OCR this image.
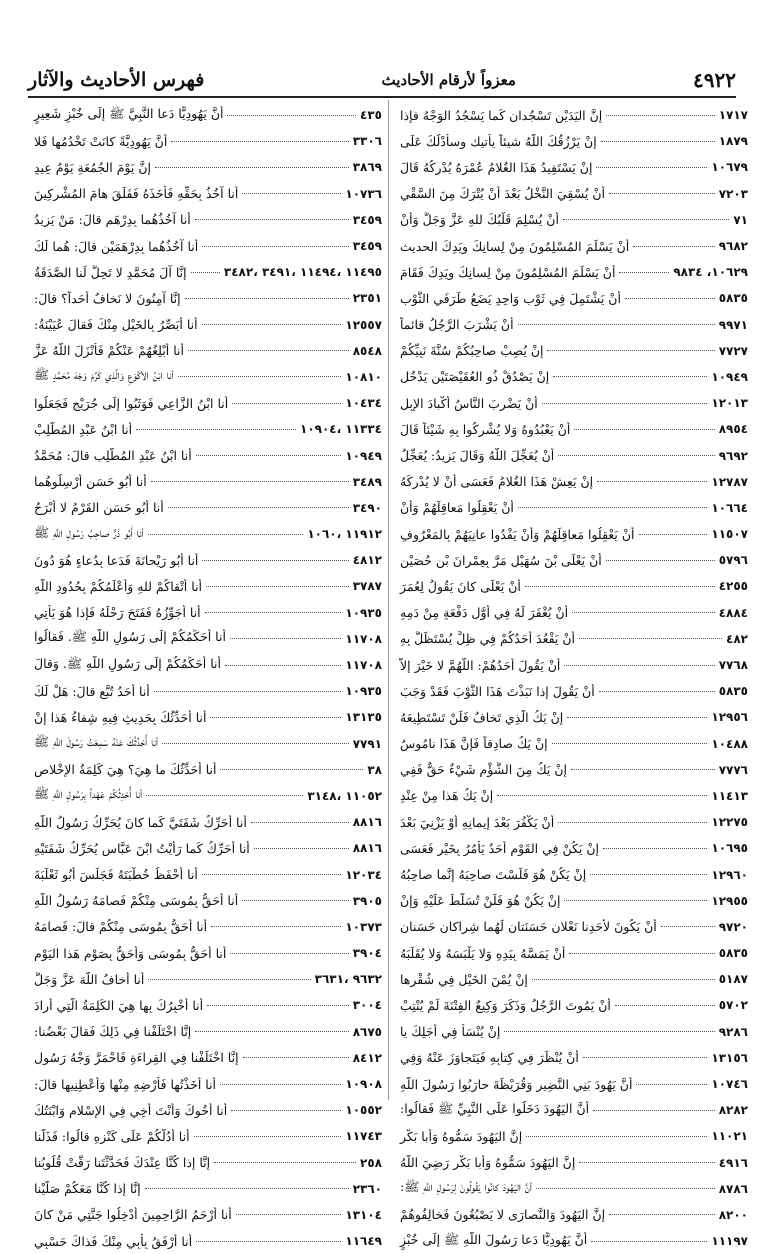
فهرس الأحاديث والآثار	معزواً لأرقام الأحاديث	٤٩٢٢
إنَّ اليَدَيْنِ تَسْجُدانِ كَما يَسْجُدُ الوَجْهُ فإذا	١٧١٧
إنْ يَرْزُقُكَ اللَّهُ شيئاً يأتيك وسأُدْلُكَ عَلَى	١٨٧٩
إنْ يَسْتَفِيدُ هَذَا الغُلامُ عُمْرَهُ يُدْرِكُهُ قَالَ	١٠٦٧٩
أنْ يُسْقِيَ النَّخْلُ بَعْدَ أَنْ يُتْرَكَ مِنَ السَّقْيِ	٧٢٠٣
أنْ يُسْلِمَ قَلْبُكَ للهِ عَزَّ وَجَلَّ وَأَنْ	٧١
أنْ يَسْلَمَ المُسْلِمُونَ مِنْ لِسانِكَ ويَدِكَ الحديث	٩٦٨٢
أنْ يَسْلَمَ المُسْلِمُونَ مِنْ لِسانِكَ ويَدِكَ فَقَامَ	١٠٦٢٩، ٩٨٣٤
أنْ يَشْتَمِلَ فِي ثَوْبٍ وَاحِدٍ يَضَعُ طَرَفَيِ الثَّوْبِ	٥٨٣٥
أنْ يَشْرَبَ الرَّجُلُ قائماً	٩٩٧١
إنْ يُصِبْ صاحِبُكُمْ سُنَّةَ نَبِيِّكُمْ	٧٧٢٧
إنْ يَصْدُقْ ذُو العُقَيْصَتَيْنِ يَدْخُلِ	١٠٩٤٩
أنْ يَضْرِبَ النَّاسُ أكْبادَ الإبِلِ	١٢٠١٣
أنْ يَعْبُدُوهُ وَلا يُشْرِكُوا بِهِ شَيْئاً قَالَ	٨٩٥٤
أنْ يُعَجِّلَ اللَّهُ وَقَالَ يَزِيدُ: يُعَجِّلُ	٩٦٩٢
إنْ يَعِشْ هَذَا الغُلامُ فَعَسَى أنْ لا يُدْرِكَهُ	١٢٧٨٧
أنْ يَعْقِلُوا مَعاقِلَهُمْ وَأَنْ	١٠٦٦٤
أنْ يَعْقِلُوا مَعاقِلَهُمْ وَأنْ يَفْدُوا عانِيَهُمْ بِالمَعْرُوفِ	١١٥٠٧
أنْ يَعْلَى بْنَ سُهَيْلٍ مَرَّ بِعِمْرانَ بْنِ حُصَيْنٍ	٥٧٩٦
أنْ يَعْلَى كانَ يَقُولُ لِعُمَرَ	٤٢٥٥
أنْ يُغْفَرَ لَهُ فِي أَوَّلِ دَفْعَةٍ مِنْ دَمِهِ	٤٨٨٤
أنْ يَقْعُدَ أَحَدُكُمْ فِي ظِلٍّ يُسْتَظَلُّ بِهِ	٤٨٢
أنْ يَقُولَ أَحَدُهُمْ: اللَّهُمَّ لا خَيْرَ إلاَّ	٧٧٦٨
أنْ يَقُولَ إذا نَبَذْتَ هَذَا الثَّوْبَ فَقَدْ وَجَبَ	٥٨٣٥
إنْ يَكُ الَّذِي تَخافُ فَلَنْ تَسْتَطِيعَهُ	١٢٩٥٦
إنْ يَكُ صادِقاً فَإنَّ هَذَا نامُوسٌ	١٠٤٨٨
إنْ يَكُ مِنَ الشُّؤْمِ شَيْءٌ حَقٌّ فَفِي	٧٧٧٦
إنْ يَكُ هَذا مِنْ عِنْدِ	١١٤١٣
أنْ يَكْفُرَ بَعْدَ إيمانِهِ أَوْ يَزْنِيَ بَعْدَ	١٢٢٧٥
إنْ يَكُنْ فِي القَوْمِ أَحَدٌ يَأْمُرُ بِخَيْرٍ فَعَسَى	١٠٦٩٥
إنْ يَكُنْ هُوَ فَلَسْتَ صاحِبَهُ إنَّما صاحِبُهُ	١٢٩٦٠
إنْ يَكُنْ هُوَ فَلَنْ تُسَلَّطَ عَلَيْهِ وَإنْ	١٢٩٥٥
أنْ يَكُونَ لأحَدِنا نَعْلانِ حَسَنَتانِ لَهُما شِراكانِ حَسَنانِ	٩٧٢٠
أنْ يَمَسَّهُ بِيَدِهِ وَلا يَلْبَسَهُ وَلا يُقَلِّبَهُ	٥٨٣٥
إنْ يُمْنَ الخَيْلِ فِي شُقْرِها	٥١٨٧
أنْ يَمُوتَ الرَّجُلُ وَذَكَرَ وَكِيعٌ الفِتْنَةَ لَمْ يُنْتِبْ	٥٧٠٢
إنْ يُنْسَأْ فِي أَجَلِكَ يا	٩٢٨٦
أنْ يُنْظَرَ فِي كِتابِهِ فَيَتَجاوَزَ عَنْهُ وَفِي	١٣١٥٦
أنَّ يَهُودَ بَنِي النَّضِيرِ وَقُرَيْظَةَ حارَبُوا رَسُولَ اللَّهِ	١٠٧٤٦
أنَّ اليَهُودَ دَخَلُوا عَلَى النَّبِيِّ ﷺ فَقالُوا:	٨٢٨٢
إنَّ اليَهُودَ سَمُّوهُ وَأَبا بَكْرٍ	١١٠٢١
إنَّ اليَهُودَ سَمُّوهُ وَأَبا بَكْرٍ رَضِيَ اللَّهُ	٤٩١٦
أنَّ اليَهُودَ كانُوا يَقُولُونَ لِرَسُولِ اللَّهِ ﷺ:	٨٧٨٦
إنَّ اليَهُودَ وَالنَّصارَى لا يَصْبُغُونَ فَخالِفُوهُمْ	٨٢٠٠
أنَّ يَهُودِيًّا دَعا رَسُولَ اللَّهِ ﷺ إلَى خُبْزٍ	١١١٩٧
أنَّ يَهُودِيًّا دَعا النَّبِيَّ ﷺ إلَى خُبْزِ شَعِيرٍ	٤٣٥
أنَّ يَهُودِيَّةً كانَتْ تَخْدُمُها فَلا	٣٣٠٦
إنَّ يَوْمَ الجُمُعَةِ يَوْمُ عِيدٍ	٣٨٦٩
أنا آخُذُ بِحَقِّهِ فَأَخَذَهُ فَفَلَقَ هامَ المُشْرِكِينَ	١٠٧٣٦
أنا آخُذُهُما بِدِرْهَمٍ قالَ: مَنْ يَزِيدُ	٣٤٥٩
أنا آخُذُهُما بِدِرْهَمَيْنِ قالَ: هُما لَكَ	٣٤٥٩
إنَّا آلَ مُحَمَّدٍ لا تَحِلُّ لَنا الصَّدَقَةُ	١١٤٩٥ ،١١٤٩٤ ،٣٤٩١ ،٣٤٨٢
إنَّا آمِنُونَ لا نَخافُ أَحَداً؟ قالَ:	٢٣٥١
أنا أُبَصِّرُ بِالخَيْلِ مِنْكَ فَقالَ عُيَيْنَةُ:	١٢٥٥٧
أنا أُبْلِغُهُمْ عَنْكُمْ فَأَنْزَلَ اللَّهُ عَزَّ	٨٥٤٨
أنا ابْنُ الأكْوَعِ وَالَّذِي كَرَّمَ وَجْهَ مُحَمَّدٍ ﷺ	١٠٨١٠
أنا ابْنُ الزَّاعِي فَوَثَبُوا إلَى جُرَيْجٍ فَجَعَلُوا	١٠٤٣٤
أنا ابْنُ عَبْدِ المُطَّلِبْ	١١٣٣٤ ،١٠٩٠٤
أنا ابْنُ عَبْدِ المُطَّلِبِ قالَ: مُحَمَّدٌ	١٠٩٤٩
أنا أَبُو حَسَنٍ أَرْسِلُوهُما	٣٤٨٩
أنا أَبُو حَسَنٍ القَرْمُ لا أَبْرَحُ	٣٤٩٠
أنا أَبُو ذَرٍّ صاحِبُ رَسُولِ اللَّهِ ﷺ	١١٩١٢ ،١٠٦٠
أنا أَبُو رَيْحانَةَ فَدَعا بِدُعاءٍ هُوَ دُونَ	٤٨١٢
أنا أَتْقاكُمْ للهِ وَأَعْلَمُكُمْ بِحُدُودِ اللَّهِ	٣٧٨٧
أنا أُجَوِّزُهُ فَفَتَحَ رَحْلَهُ فَإذا هُوَ يَأْتِي	١٠٩٣٥
أنا أُحَكِّمُكُمْ إلَى رَسُولِ اللَّهِ ﷺ. فَقالُوا	١١٧٠٨
أنا أُحَكِّمُكُمْ إلَى رَسُولِ اللَّهِ ﷺ. وَقالَ	١١٧٠٨
أنا أَحَدُ تُبَّعٍ قالَ: هَلْ لَكَ	١٠٩٣٥
أنا أُحَدِّثُكَ بِحَدِيثٍ فِيهِ شِفاءُ هَذا إنْ	١٣١٣٥
أنا أُحَدِّثُكَ عَنْهُ سَمِعْتُ رَسُولَ اللَّهِ ﷺ	٧٧٩١
أنا أُحَدِّثُكَ ما هِيَ؟ هِيَ كَلِمَةُ الإخْلاصِ	٣٨
أنا أُحْدِثُكُمْ عَهْداً بِرَسُولِ اللَّهِ ﷺ	١١٠٥٢ ،٣١٤٨
أنا أُحَرِّكُ شَفَتَيَّ كَما كانَ يُحَرِّكُ رَسُولُ اللَّهِ	٨٨١٦
أنا أُحَرِّكُ كَما رَأَيْتُ ابْنَ عَبَّاسٍ يُحَرِّكُ شَفَتَيْهِ	٨٨١٦
أنا أَحْفَظُ خُطْبَتَهُ فَجَلَسَ أَبُو ثَعْلَبَةَ	١٢٠٣٤
أنا أَحَقُّ بِمُوسَى مِنْكُمْ فَصامَهُ رَسُولُ اللَّهِ	٣٩٠٥
أنا أَحَقُّ بِمُوسَى مِنْكُمْ قالَ: فَصامَهُ	١٠٣٧٣
أنا أَحَقُّ بِمُوسَى وَأَحَقُّ بِصَوْمِ هَذا اليَوْمِ	٣٩٠٤
أنا أَخافُ اللَّهَ عَزَّ وَجَلَّ	٩٦٣٢ ،٣٦٣١
أنا أُخْبِرُكَ بِها هِيَ الكَلِمَةُ الَّتِي أَرادَ	٣٠٠٤
إنَّا اخْتَلَفْنا فِي ذَلِكَ فَقالَ بَعْضُنا:	٨٦٧٥
إنَّا اخْتَلَفْنا فِي القِراءَةِ فَاحْمَرَّ وَجْهُ رَسُولِ	٨٤١٢
أنا أَخَذْتُها فَأَرْضِهِ مِنْها وَأَعْطِنِيها قالَ:	١٠٩٠٨
أنا أَخُوكَ وَأَنْتَ أَخِي فِي الإسْلامِ وَابْنَتُكَ	١٠٥٥٢
أنا أَدُلُّكُمْ عَلَى كَنْزِهِ قالُوا: فَذَلَّنا	١١٧٤٣
إنَّا إذا كُنَّا عِنْدَكَ فَحَدَّثْتَنا رَقَّتْ قُلُوبُنا	٢٥٨
إنَّا إذا كُنَّا مَعَكُمْ صَلَّيْنا	٢٣٦٠
أنا أَرْحَمُ الرَّاحِمِينَ أَدْخِلُوا جَنَّتِي مَنْ كانَ	١٣١٠٤
أنا أَرْفَقُ بِأَبِي مِنْكَ فَذاكَ حَسْبِي	١١٦٤٩
